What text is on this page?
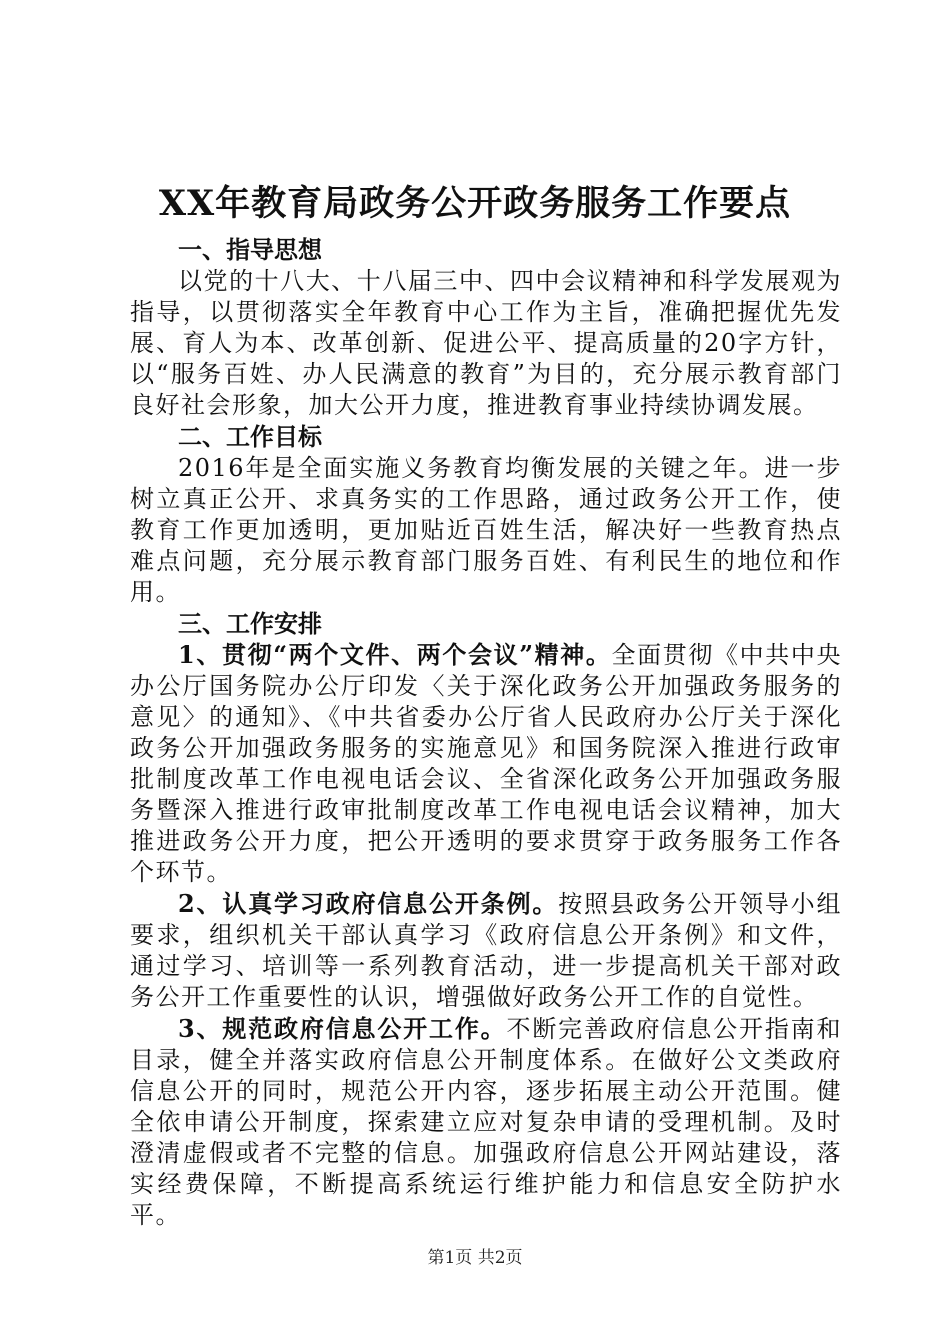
XX年教育局政务公开政务服务工作要点
一、指导思想

以党的十八大、十八届三中、四中会议精神和科学发展观为指导，以贯彻落实全年教育中心工作为主旨，准确把握优先发展、育人为本、改革创新、促进公平、提高质量的20字方针，以“服务百姓、办人民满意的教育”为目的，充分展示教育部门良好社会形象，加大公开力度，推进教育事业持续协调发展。

二、工作目标

2016年是全面实施义务教育均衡发展的关键之年。进一步树立真正公开、求真务实的工作思路，通过政务公开工作，使教育工作更加透明，更加贴近百姓生活，解决好一些教育热点难点问题，充分展示教育部门服务百姓、有利民生的地位和作用。

三、工作安排

1、贯彻“两个文件、两个会议”精神。全面贯彻《中共中央办公厅国务院办公厅印发〈关于深化政务公开加强政务服务的意见〉的通知》、《中共省委办公厅省人民政府办公厅关于深化政务公开加强政务服务的实施意见》和国务院深入推进行政审批制度改革工作电视电话会议、全省深化政务公开加强政务服务暨深入推进行政审批制度改革工作电视电话会议精神，加大推进政务公开力度，把公开透明的要求贯穿于政务服务工作各个环节。

2、认真学习政府信息公开条例。按照县政务公开领导小组要求，组织机关干部认真学习《政府信息公开条例》和文件，通过学习、培训等一系列教育活动，进一步提高机关干部对政务公开工作重要性的认识，增强做好政务公开工作的自觉性。

3、规范政府信息公开工作。不断完善政府信息公开指南和目录，健全并落实政府信息公开制度体系。在做好公文类政府信息公开的同时，规范公开内容，逐步拓展主动公开范围。健全依申请公开制度，探索建立应对复杂申请的受理机制。及时澄清虚假或者不完整的信息。加强政府信息公开网站建设，落实经费保障，不断提高系统运行维护能力和信息安全防护水平。

第1页 共2页
